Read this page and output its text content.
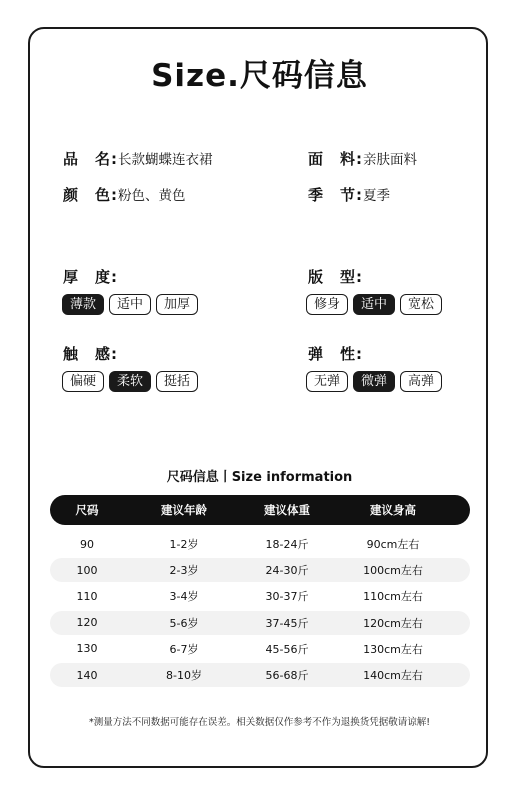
Size.尺码信息
品　名:长款蝴蝶连衣裙	面　料:亲肤面料
颜　色:粉色、黄色	季　节:夏季
厚　度:
薄款	适中	加厚
版　型:
修身	适中	宽松
触　感:
偏硬	柔软	挺括
弹　性:
无弹	微弹	高弹
尺码信息丨Size information
尺码	建议年龄	建议体重	建议身高
90	1-2岁	18-24斤	90cm左右
100	2-3岁	24-30斤	100cm左右
110	3-4岁	30-37斤	110cm左右
120	5-6岁	37-45斤	120cm左右
130	6-7岁	45-56斤	130cm左右
140	8-10岁	56-68斤	140cm左右
*测量方法不同数据可能存在误差。相关数据仅作参考不作为退换货凭据敬请谅解!
